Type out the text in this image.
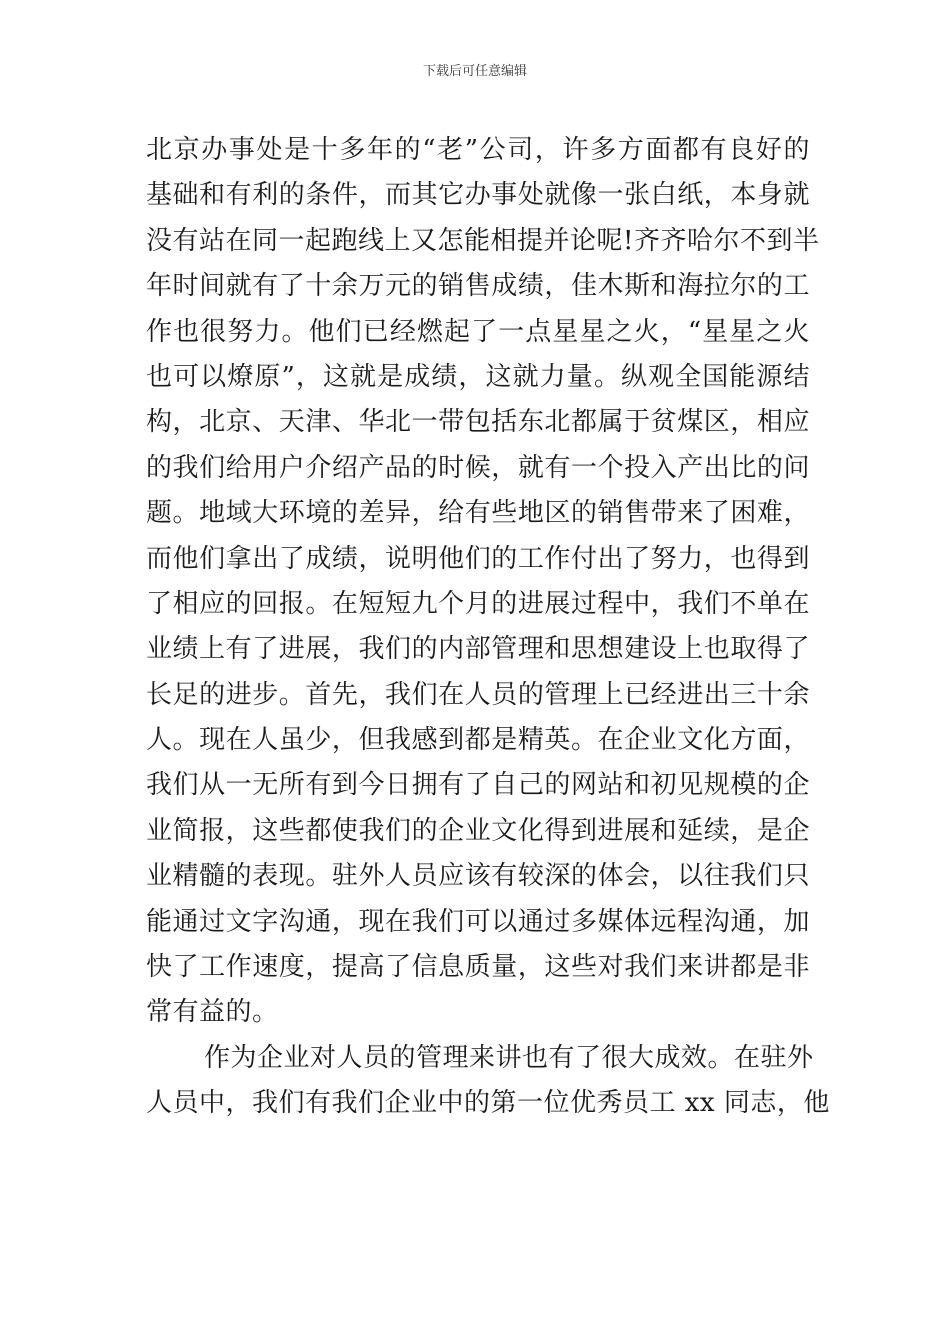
下载后可任意编辑
北京办事处是十多年的“老”公司，许多方面都有良好的
基础和有利的条件，而其它办事处就像一张白纸，本身就
没有站在同一起跑线上又怎能相提并论呢!齐齐哈尔不到半
年时间就有了十余万元的销售成绩，佳木斯和海拉尔的工
作也很努力。他们已经燃起了一点星星之火，“星星之火
也可以燎原”，这就是成绩，这就力量。纵观全国能源结
构，北京、天津、华北一带包括东北都属于贫煤区，相应
的我们给用户介绍产品的时候，就有一个投入产出比的问
题。地域大环境的差异，给有些地区的销售带来了困难，
而他们拿出了成绩，说明他们的工作付出了努力，也得到
了相应的回报。在短短九个月的进展过程中，我们不单在
业绩上有了进展，我们的内部管理和思想建设上也取得了
长足的进步。首先，我们在人员的管理上已经进出三十余
人。现在人虽少，但我感到都是精英。在企业文化方面，
我们从一无所有到今日拥有了自己的网站和初见规模的企
业简报，这些都使我们的企业文化得到进展和延续，是企
业精髓的表现。驻外人员应该有较深的体会，以往我们只
能通过文字沟通，现在我们可以通过多媒体远程沟通，加
快了工作速度，提高了信息质量，这些对我们来讲都是非
常有益的。
作为企业对人员的管理来讲也有了很大成效。在驻外
人员中，我们有我们企业中的第一位优秀员工 xx 同志，他
